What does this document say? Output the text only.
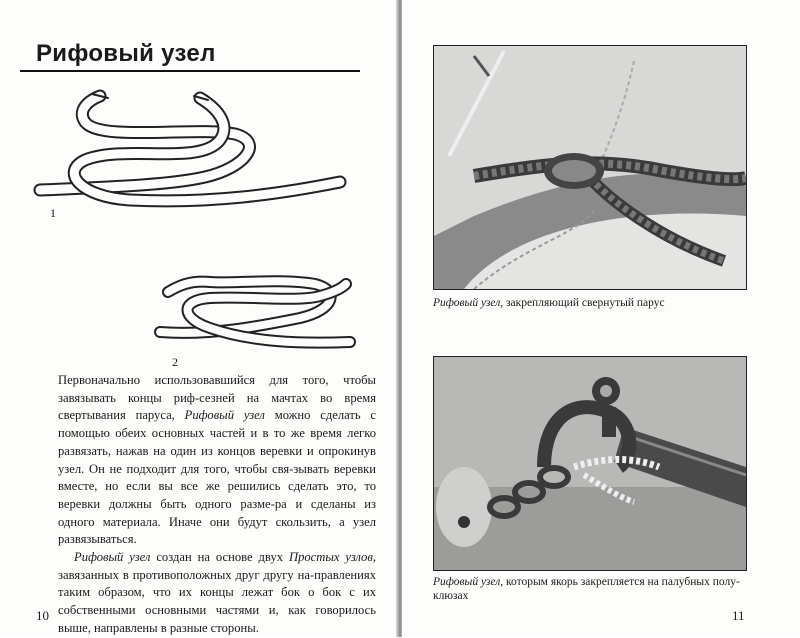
Рифовый узел
1
2

Первоначально использовавшийся для того, чтобы завязывать концы риф-сезней на мачтах во время свертывания паруса, Рифовый узел можно сделать с помощью обеих основных частей и в то же время легко развязать, нажав на один из концов веревки и опрокинув узел. Он не подходит для того, чтобы свя-зывать веревки вместе, но если вы все же решились сделать это, то веревки должны быть одного разме-ра и сделаны из одного материала. Иначе они будут скользить, а узел развязываться.

Рифовый узел создан на основе двух Простых узлов, завязанных в противоположных друг другу на-правлениях таким образом, что их концы лежат бок о бок с их собственными основными частями и, как говорилось выше, направлены в разные стороны.

10
Рифовый узел, закрепляющий свернутый парус
Рифовый узел, которым якорь закрепляется на палубных полу-клюзах
11
